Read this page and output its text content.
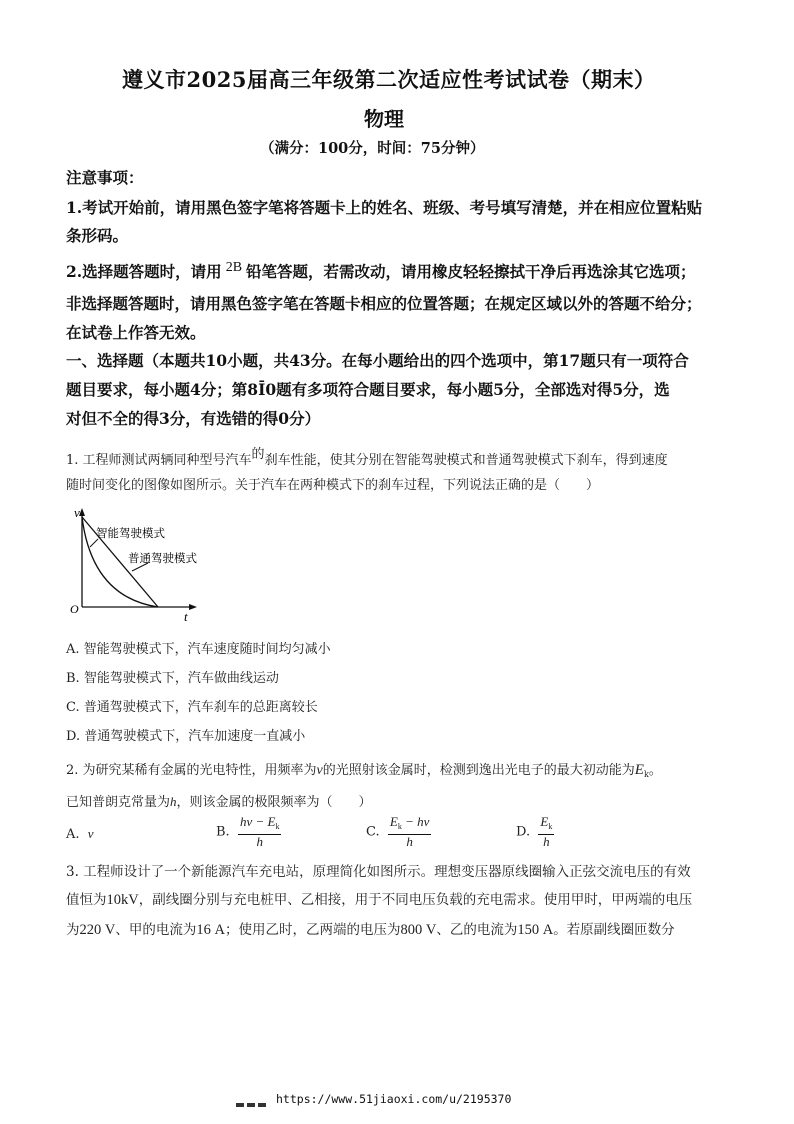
遵义市2025届高三年级第二次适应性考试试卷（期末）
物理
（满分：100分，时间：75分钟）
注意事项：
1.考试开始前，请用黑色签字笔将答题卡上的姓名、班级、考号填写清楚，并在相应位置粘贴
条形码。
2.选择题答题时，请用 2B 铅笔答题，若需改动，请用橡皮轻轻擦拭干净后再选涂其它选项；
非选择题答题时，请用黑色签字笔在答题卡相应的位置答题；在规定区域以外的答题不给分；
在试卷上作答无效。
一、选择题（本题共10小题，共43分。在每小题给出的四个选项中，第17题只有一项符合
题目要求，每小题4分；第8Ī0题有多项符合题目要求，每小题5分，全部选对得5分，选
对但不全的得3分，有选错的得0分）
1. 工程师测试两辆同种型号汽车的刹车性能，使其分别在智能驾驶模式和普通驾驶模式下刹车，得到速度
随时间变化的图像如图所示。关于汽车在两种模式下的刹车过程，下列说法正确的是（　　）
v
t
O
智能驾驶模式
普通驾驶模式
A. 智能驾驶模式下，汽车速度随时间均匀减小
B. 智能驾驶模式下，汽车做曲线运动
C. 普通驾驶模式下，汽车刹车的总距离较长
D. 普通驾驶模式下，汽车加速度一直减小
2. 为研究某稀有金属的光电特性，用频率为ν的光照射该金属时，检测到逸出光电子的最大初动能为$E_k$。
已知普朗克常量为h，则该金属的极限频率为（　　）
A. ν	B. $\frac{h\nu - E_k}{h}$	C. $\frac{E_k - h\nu}{h}$	D. $\frac{E_k}{h}$
3. 工程师设计了一个新能源汽车充电站，原理简化如图所示。理想变压器原线圈输入正弦交流电压的有效
值恒为10kV，副线圈分别与充电桩甲、乙相接，用于不同电压负载的充电需求。使用甲时，甲两端的电压
为220 V、甲的电流为16 A；使用乙时，乙两端的电压为800 V、乙的电流为150 A。若原副线圈匝数分
https://www.51jiaoxi.com/u/2195370
